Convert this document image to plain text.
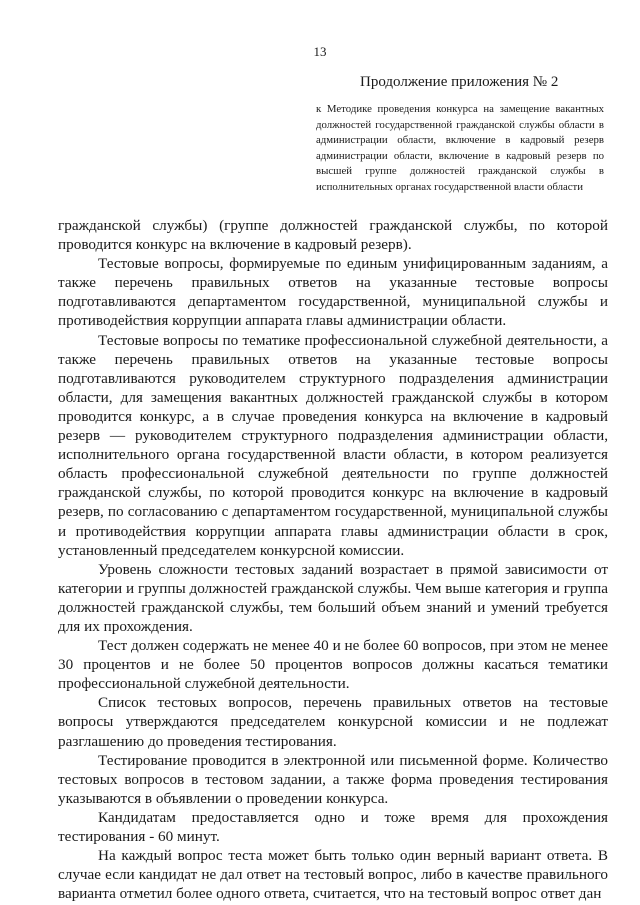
13
Продолжение приложения № 2
к Методике проведения конкурса на замещение вакантных должностей государственной гражданской службы области в администрации области, включение в кадровый резерв администрации области, включение в кадровый резерв по высшей группе должностей гражданской службы в исполнительных органах государственной власти области

гражданской службы) (группе должностей гражданской службы, по которой проводится конкурс на включение в кадровый резерв).

Тестовые вопросы, формируемые по единым унифицированным заданиям, а также перечень правильных ответов на указанные тестовые вопросы подготавливаются департаментом государственной, муниципальной службы и противодействия коррупции аппарата главы администрации области.

Тестовые вопросы по тематике профессиональной служебной деятельности, а также перечень правильных ответов на указанные тестовые вопросы подготавливаются руководителем структурного подразделения администрации области, для замещения вакантных должностей гражданской службы в котором проводится конкурс, а в случае проведения конкурса на включение в кадровый резерв — руководителем структурного подразделения администрации области, исполнительного органа государственной власти области, в котором реализуется область профессиональной служебной деятельности по группе должностей гражданской службы, по которой проводится конкурс на включение в кадровый резерв, по согласованию с департаментом государственной, муниципальной службы и противодействия коррупции аппарата главы администрации области в срок, установленный председателем конкурсной комиссии.

Уровень сложности тестовых заданий возрастает в прямой зависимости от категории и группы должностей гражданской службы. Чем выше категория и группа должностей гражданской службы, тем больший объем знаний и умений требуется для их прохождения.

Тест должен содержать не менее 40 и не более 60 вопросов, при этом не менее 30 процентов и не более 50 процентов вопросов должны касаться тематики профессиональной служебной деятельности.

Список тестовых вопросов, перечень правильных ответов на тестовые вопросы утверждаются председателем конкурсной комиссии и не подлежат разглашению до проведения тестирования.

Тестирование проводится в электронной или письменной форме. Количество тестовых вопросов в тестовом задании, а также форма проведения тестирования указываются в объявлении о проведении конкурса.

Кандидатам предоставляется одно и тоже время для прохождения тестирования - 60 минут.

На каждый вопрос теста может быть только один верный вариант ответа. В случае если кандидат не дал ответ на тестовый вопрос, либо в качестве правильного варианта отметил более одного ответа, считается, что на тестовый вопрос ответ дан
